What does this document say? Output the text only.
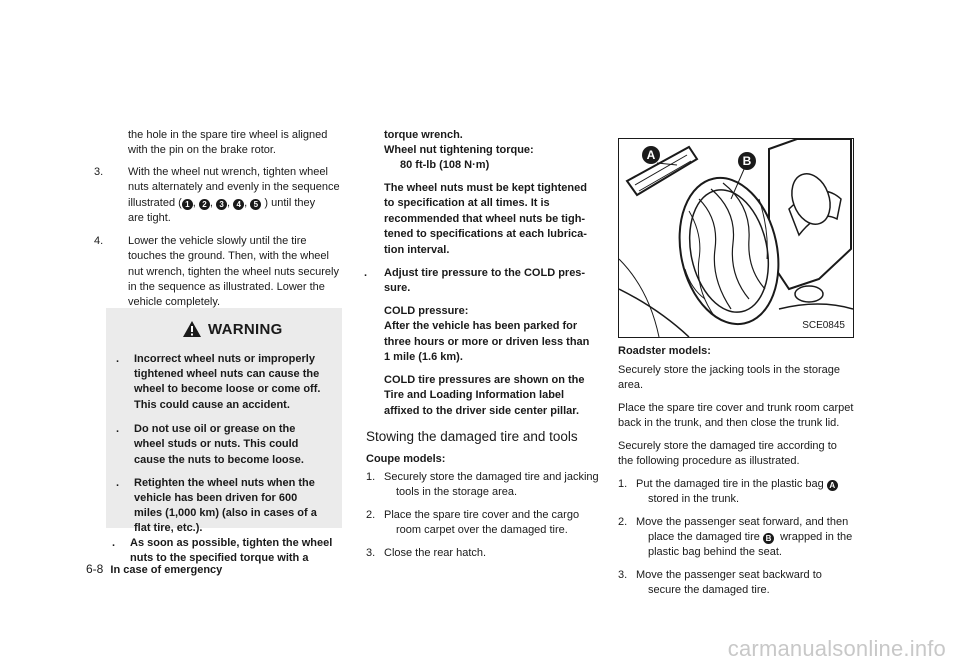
the hole in the spare tire wheel is aligned

with the pin on the brake rotor.

3. With the wheel nut wrench, tighten wheel

nuts alternately and evenly in the sequence

illustrated ( 1 , 2 , 3 , 4 , 5 ) until they

are tight.

4. Lower the vehicle slowly until the tire

touches the ground. Then, with the wheel

nut wrench, tighten the wheel nuts securely

in the sequence as illustrated. Lower the

vehicle completely.

WARNING
. Incorrect wheel nuts or improperly

tightened wheel nuts can cause the

wheel to become loose or come off.

This could cause an accident.

. Do not use oil or grease on the

wheel studs or nuts. This could

cause the nuts to become loose.

. Retighten the wheel nuts when the

vehicle has been driven for 600

miles (1,000 km) (also in cases of a

flat tire, etc.).

. As soon as possible, tighten the wheel

nuts to the specified torque with a

torque wrench.

Wheel nut tightening torque:

80 ft-lb (108 N·m)

The wheel nuts must be kept tightened

to specification at all times. It is

recommended that wheel nuts be tigh-

tened to specifications at each lubrica-

tion interval.

. Adjust tire pressure to the COLD pres-

sure.

COLD pressure:

After the vehicle has been parked for

three hours or more or driven less than

1 mile (1.6 km).

COLD tire pressures are shown on the

Tire and Loading Information label

affixed to the driver side center pillar.

Stowing the damaged tire and tools

Coupe models:

1. Securely store the damaged tire and jacking

tools in the storage area.

2. Place the spare tire cover and the cargo

room carpet over the damaged tire.

3. Close the rear hatch.

A	B
SCE0845

Roadster models:

Securely store the jacking tools in the storage

area.

Place the spare tire cover and trunk room carpet

back in the trunk, and then close the trunk lid.

Securely store the damaged tire according to

the following procedure as illustrated.

1. Put the damaged tire in the plastic bag A

stored in the trunk.

2. Move the passenger seat forward, and then

place the damaged tire B wrapped in the

plastic bag behind the seat.

3. Move the passenger seat backward to

secure the damaged tire.

6-8 In case of emergency
carmanualsonline.info
